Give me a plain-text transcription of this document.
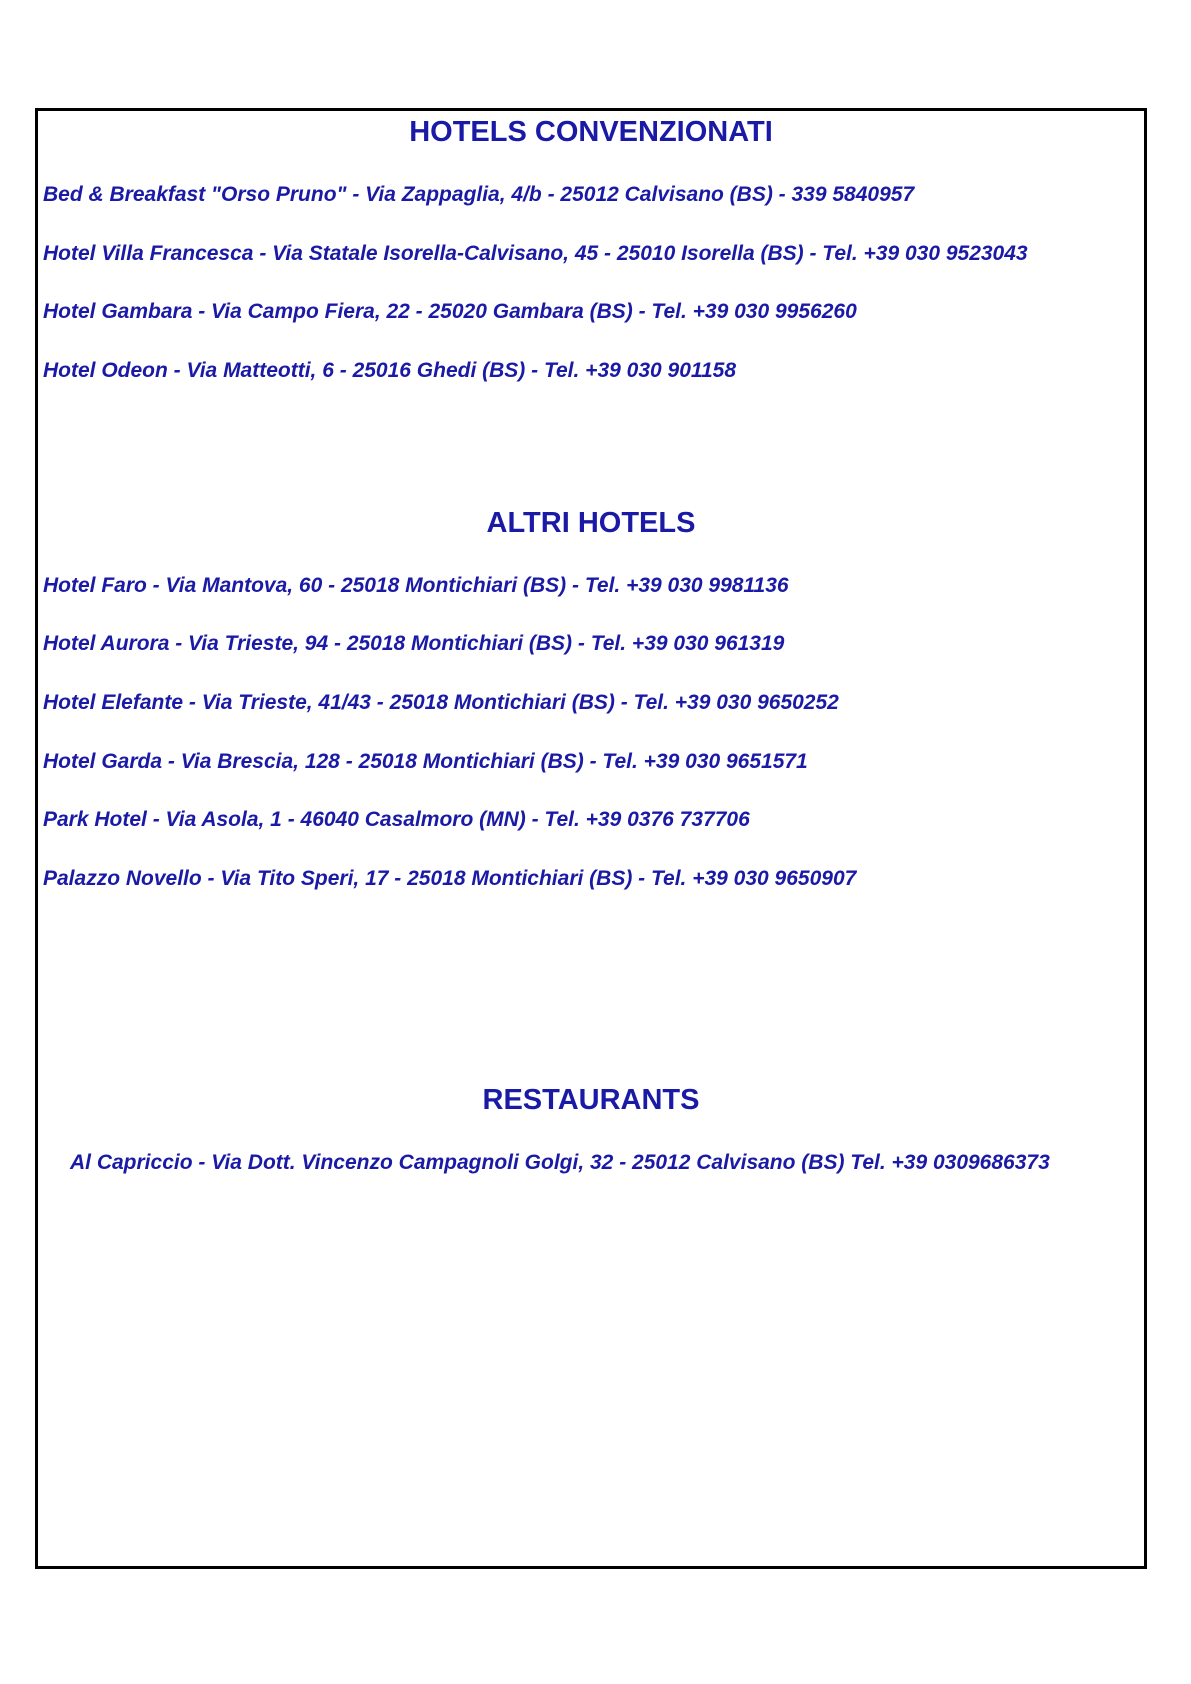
HOTELS CONVENZIONATI

Bed & Breakfast "Orso Pruno" - Via Zappaglia, 4/b - 25012 Calvisano (BS) - 339 5840957

Hotel Villa Francesca - Via Statale Isorella-Calvisano, 45 - 25010 Isorella (BS) - Tel. +39 030 9523043

Hotel Gambara - Via Campo Fiera, 22 - 25020 Gambara (BS) - Tel. +39 030 9956260

Hotel Odeon - Via Matteotti, 6 - 25016 Ghedi (BS) - Tel. +39 030 901158

ALTRI HOTELS

Hotel Faro - Via Mantova, 60 - 25018 Montichiari (BS) - Tel. +39 030 9981136

Hotel Aurora - Via Trieste, 94 - 25018 Montichiari (BS) - Tel. +39 030 961319

Hotel Elefante - Via Trieste, 41/43 - 25018 Montichiari (BS) - Tel. +39 030 9650252

Hotel Garda - Via Brescia, 128 - 25018 Montichiari (BS) - Tel. +39 030 9651571

Park Hotel - Via Asola, 1 - 46040 Casalmoro (MN) - Tel. +39 0376 737706

Palazzo Novello - Via Tito Speri, 17 - 25018 Montichiari (BS) - Tel. +39 030 9650907

RESTAURANTS

Al Capriccio - Via Dott. Vincenzo Campagnoli Golgi, 32 - 25012 Calvisano (BS) Tel. +39 0309686373
